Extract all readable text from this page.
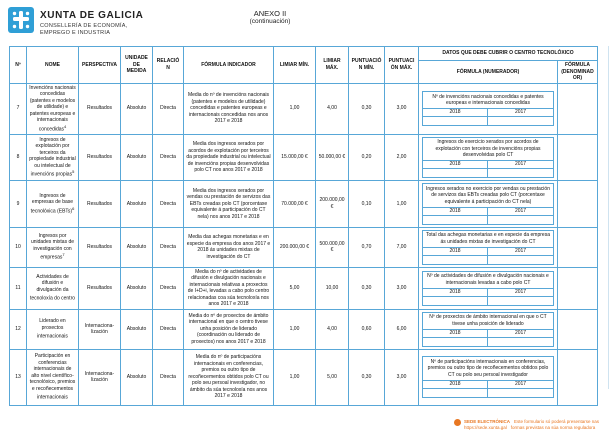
XUNTA DE GALICIA
CONSELLERÍA DE ECONOMÍA,
EMPREGO E INDUSTRIA
ANEXO II
(continuación)
Nº	NOME	PERSPECTIVA	UNIDADE DE MEDIDA	RELACIÓN	FÓRMULA INDICADOR	LIMIAR MÍN.	LIMIAR MÁX.	PUNTUACIÓN MÍN.	PUNTUACIÓN MÁX.	DATOS QUE DEBE CUBRIR O CENTRO TECNOLÓXICO	
										FÓRMULA (NUMERADOR)	FÓRMULA (DENOMINADOR)
7	Invencións nacionais concedidas (patentes e modelos de utilidade) e patentes europeas e internacionais concedidas$^4$	Resultados	Absoluto	Directa	Media do nº de invencións nacionais (patentes e modelos de utilidade) concedidas e patentes europeas e internacionais concedidas nos anos 2017 e 2018	1,00	4,00	0,30	3,00	Nº de invencións nacionais concedidas e patentes europeas e internacionais concedidas
2018 2017	

8	Ingresos de explotación por terceiros da propiedade industrial ou intelectual de invencións propias$^5$	Resultados	Absoluto	Directa	Media dos ingresos xerados por acordos de explotación por terceiros da propiedade industrial ou intelectual de invencións propias desenvolvidas polo CT nos anos 2017 e 2018	15.000,00 €	50.000,00 €	0,20	2,00	Ingresos do exercicio xerados por acordos de explotación con terceiros de invencións propias desenvolvidas polo CT
2018 2017	

9	Ingresos de empresas de base tecnolóxica (EBTs)$^6$	Resultados	Absoluto	Directa	Media dos ingresos xerados por vendas ou prestación de servizos das EBTs creadas polo CT (porcentaxe equivalente á participación do CT nela) nos anos 2017 e 2018	70.000,00 €	200.000,00 €	0,10	1,00	Ingresos xerados no exercicio por vendas ou prestación de servizos das EBTs creadas polo CT (porcentaxe equivalente á participación do CT nela)
2018 2017	

10	Ingresos por unidades mixtas de investigación con empresas$^7$	Resultados	Absoluto	Directa	Media das achegas monetarias e en especie da empresa dos anos 2017 e 2018 ás unidades mixtas de investigación do CT	200.000,00 €	500.000,00 €	0,70	7,00	Total das achegas monetarias e en especie da empresa ás unidades mixtas de investigación do CT
2018 2017	

11	Actividades de difusión e divulgación da tecnoloxía do centro	Resultados	Absoluto	Directa	Media do nº de actividades de difusión e divulgación nacionais e internacionais relativas a proxectos de I+D+i, levadas a cabo polo centro relacionadas coa súa tecnoloxía nos anos 2017 e 2018	5,00	10,00	0,30	3,00	Nº de actividades de difusión e divulgación nacionais e internacionais levadas a cabo polo CT
2018 2017	

12	Liderado en proxectos internacionais	Internaciona-lización	Absoluto	Directa	Media do nº de proxectos de ámbito internacional en que o centro tivese unha posición de liderado (coordinación ou liderado de proxectos) nos anos 2017 e 2018	1,00	4,00	0,60	6,00	Nº de proxectos de ámbito internacional en que o CT tivese unha posición de liderado
2018 2017	

13	Participación en conferencias internacionais de alto nivel científico-tecnolóxico, premios e recoñecementos internacionais	Internaciona-lización	Absoluto	Directa	Media do nº de participacións internacionais en conferencias, premios ou outro tipo de recoñecementos obtidos polo CT ou polo seu persoal investigador, no ámbito da súa tecnoloxía nos anos 2017 e 2018	1,00	5,00	0,30	3,00	Nº de participacións internacionais en conferencias, premios ou outro tipo de recoñecementos obtidos polo CT ou polo seu persoal investigador
2018 2017	

SEDE ELECTRÓNICA Este formulario só poderá presentarse nas
https://sede.xunta.gal formas previstas na súa norma reguladora
